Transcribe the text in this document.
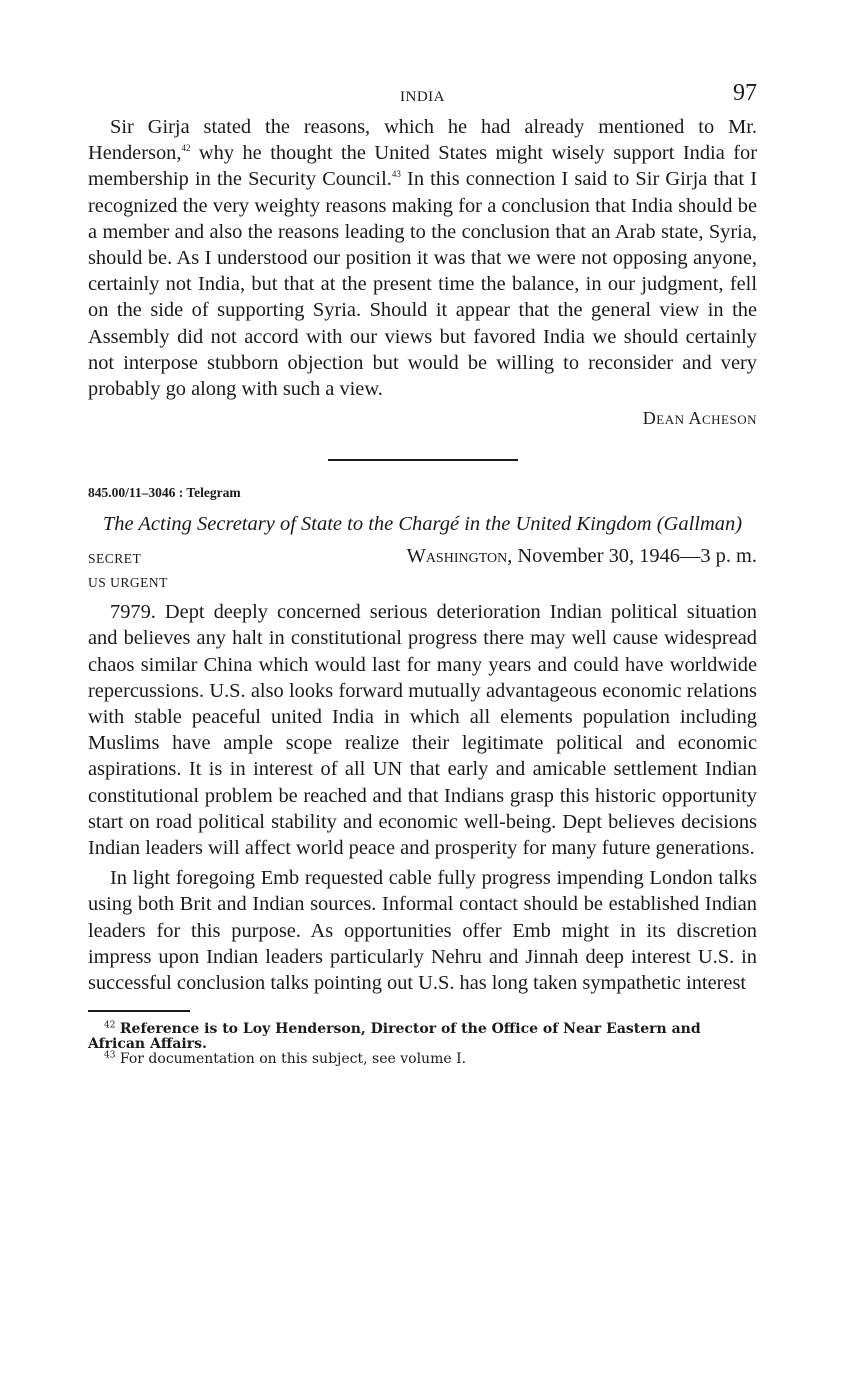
INDIA	97

Sir Girja stated the reasons, which he had already mentioned to Mr. Henderson,$^{42}$ why he thought the United States might wisely support India for membership in the Security Council.$^{43}$ In this connection I said to Sir Girja that I recognized the very weighty reasons making for a conclusion that India should be a member and also the reasons leading to the conclusion that an Arab state, Syria, should be. As I understood our position it was that we were not opposing anyone, certainly not India, but that at the present time the balance, in our judgment, fell on the side of supporting Syria. Should it appear that the general view in the Assembly did not accord with our views but favored India we should certainly not interpose stubborn objection but would be willing to reconsider and very probably go along with such a view.

Dean Acheson
845.00/11–3046 : Telegram
The Acting Secretary of State to the Chargé in the United Kingdom (Gallman)
SECRET	Washington, November 30, 1946—3 p. m.
US URGENT

7979. Dept deeply concerned serious deterioration Indian political situation and believes any halt in constitutional progress there may well cause widespread chaos similar China which would last for many years and could have worldwide repercussions. U.S. also looks forward mutually advantageous economic relations with stable peaceful united India in which all elements population including Muslims have ample scope realize their legitimate political and economic aspirations. It is in interest of all UN that early and amicable settlement Indian constitutional problem be reached and that Indians grasp this historic opportunity start on road political stability and economic well-being. Dept believes decisions Indian leaders will affect world peace and prosperity for many future generations.

In light foregoing Emb requested cable fully progress impending London talks using both Brit and Indian sources. Informal contact should be established Indian leaders for this purpose. As opportunities offer Emb might in its discretion impress upon Indian leaders particularly Nehru and Jinnah deep interest U.S. in successful conclusion talks pointing out U.S. has long taken sympathetic interest

$^{42}$ Reference is to Loy Henderson, Director of the Office of Near Eastern and African Affairs.

$^{43}$ For documentation on this subject, see volume I.
